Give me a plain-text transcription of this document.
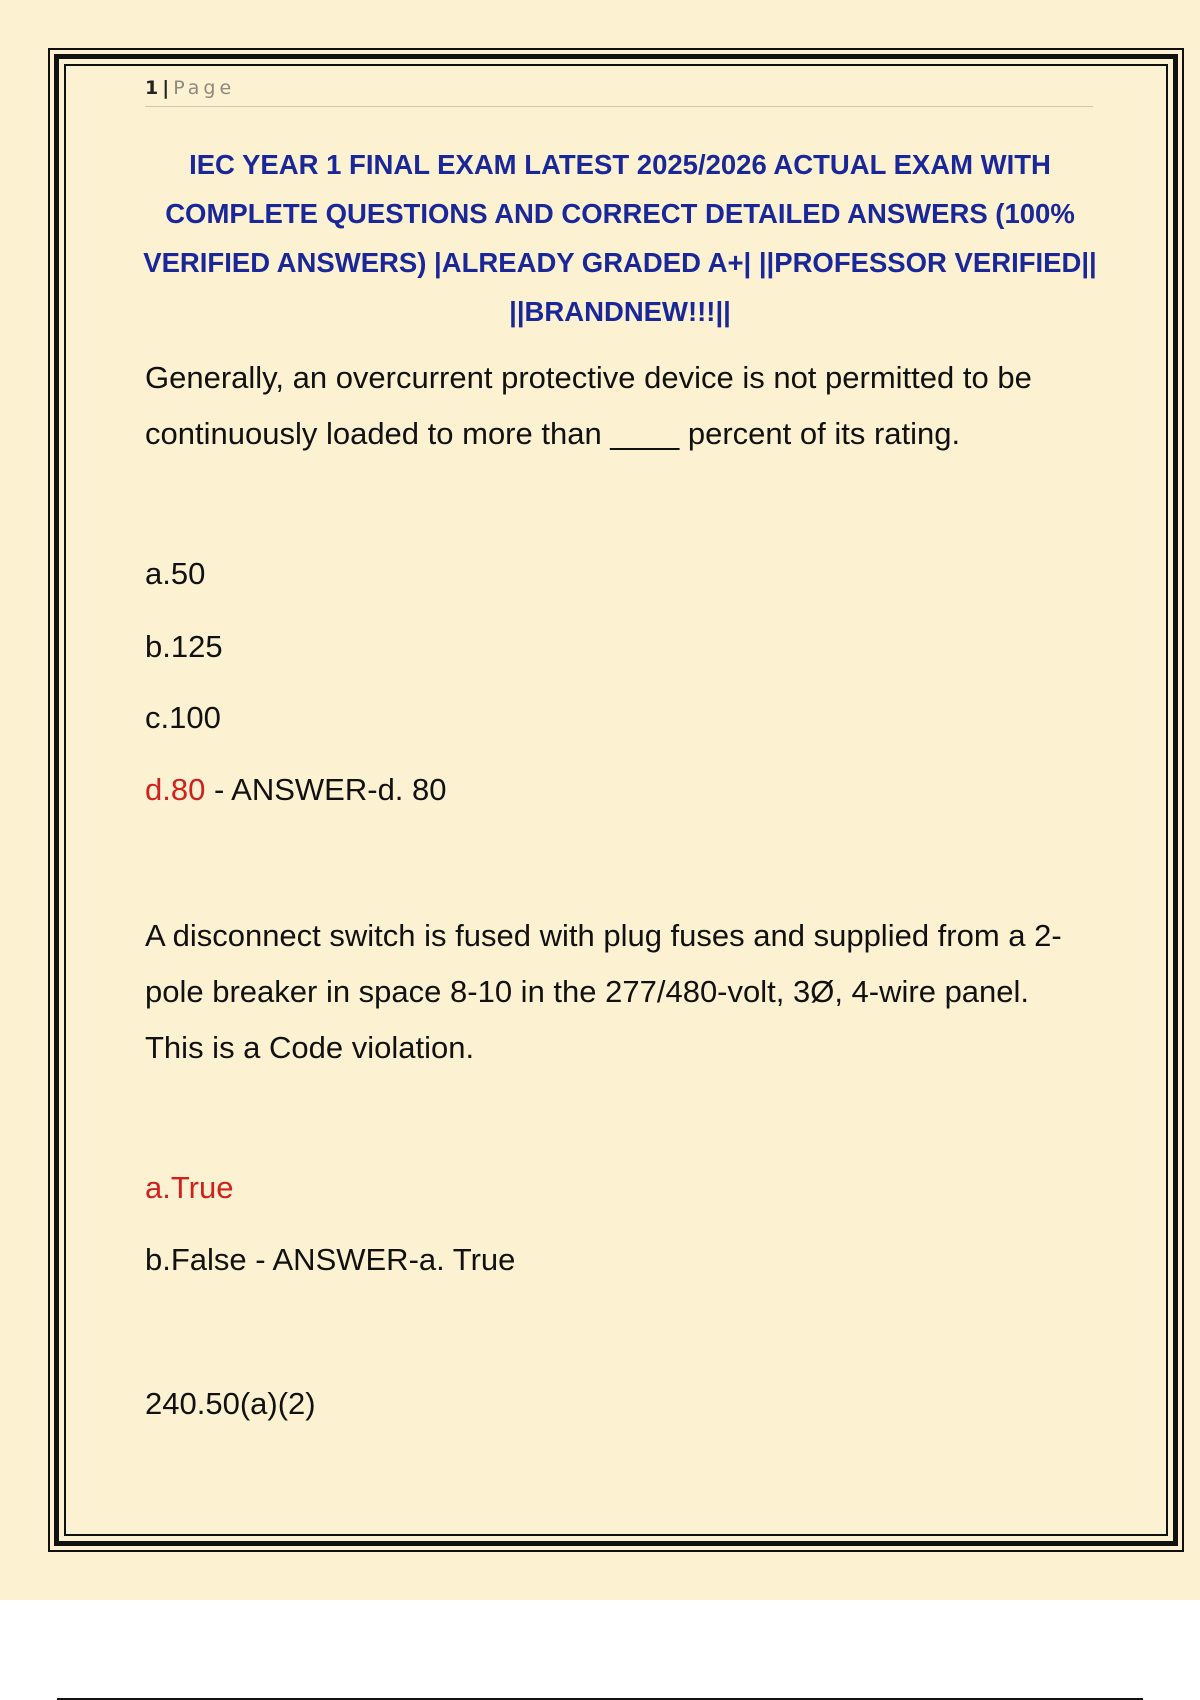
1 | Page

IEC YEAR 1 FINAL EXAM LATEST 2025/2026 ACTUAL EXAM WITH COMPLETE QUESTIONS AND CORRECT DETAILED ANSWERS (100% VERIFIED ANSWERS) |ALREADY GRADED A+| ||PROFESSOR VERIFIED|| ||BRANDNEW!!!||

Generally, an overcurrent protective device is not permitted to be continuously loaded to more than ____ percent of its rating.

a.50
b.125
c.100
d.80 - ANSWER-d. 80

A disconnect switch is fused with plug fuses and supplied from a 2-pole breaker in space 8-10 in the 277/480-volt, 3Ø, 4-wire panel. This is a Code violation.

a.True
b.False - ANSWER-a. True
240.50(a)(2)
